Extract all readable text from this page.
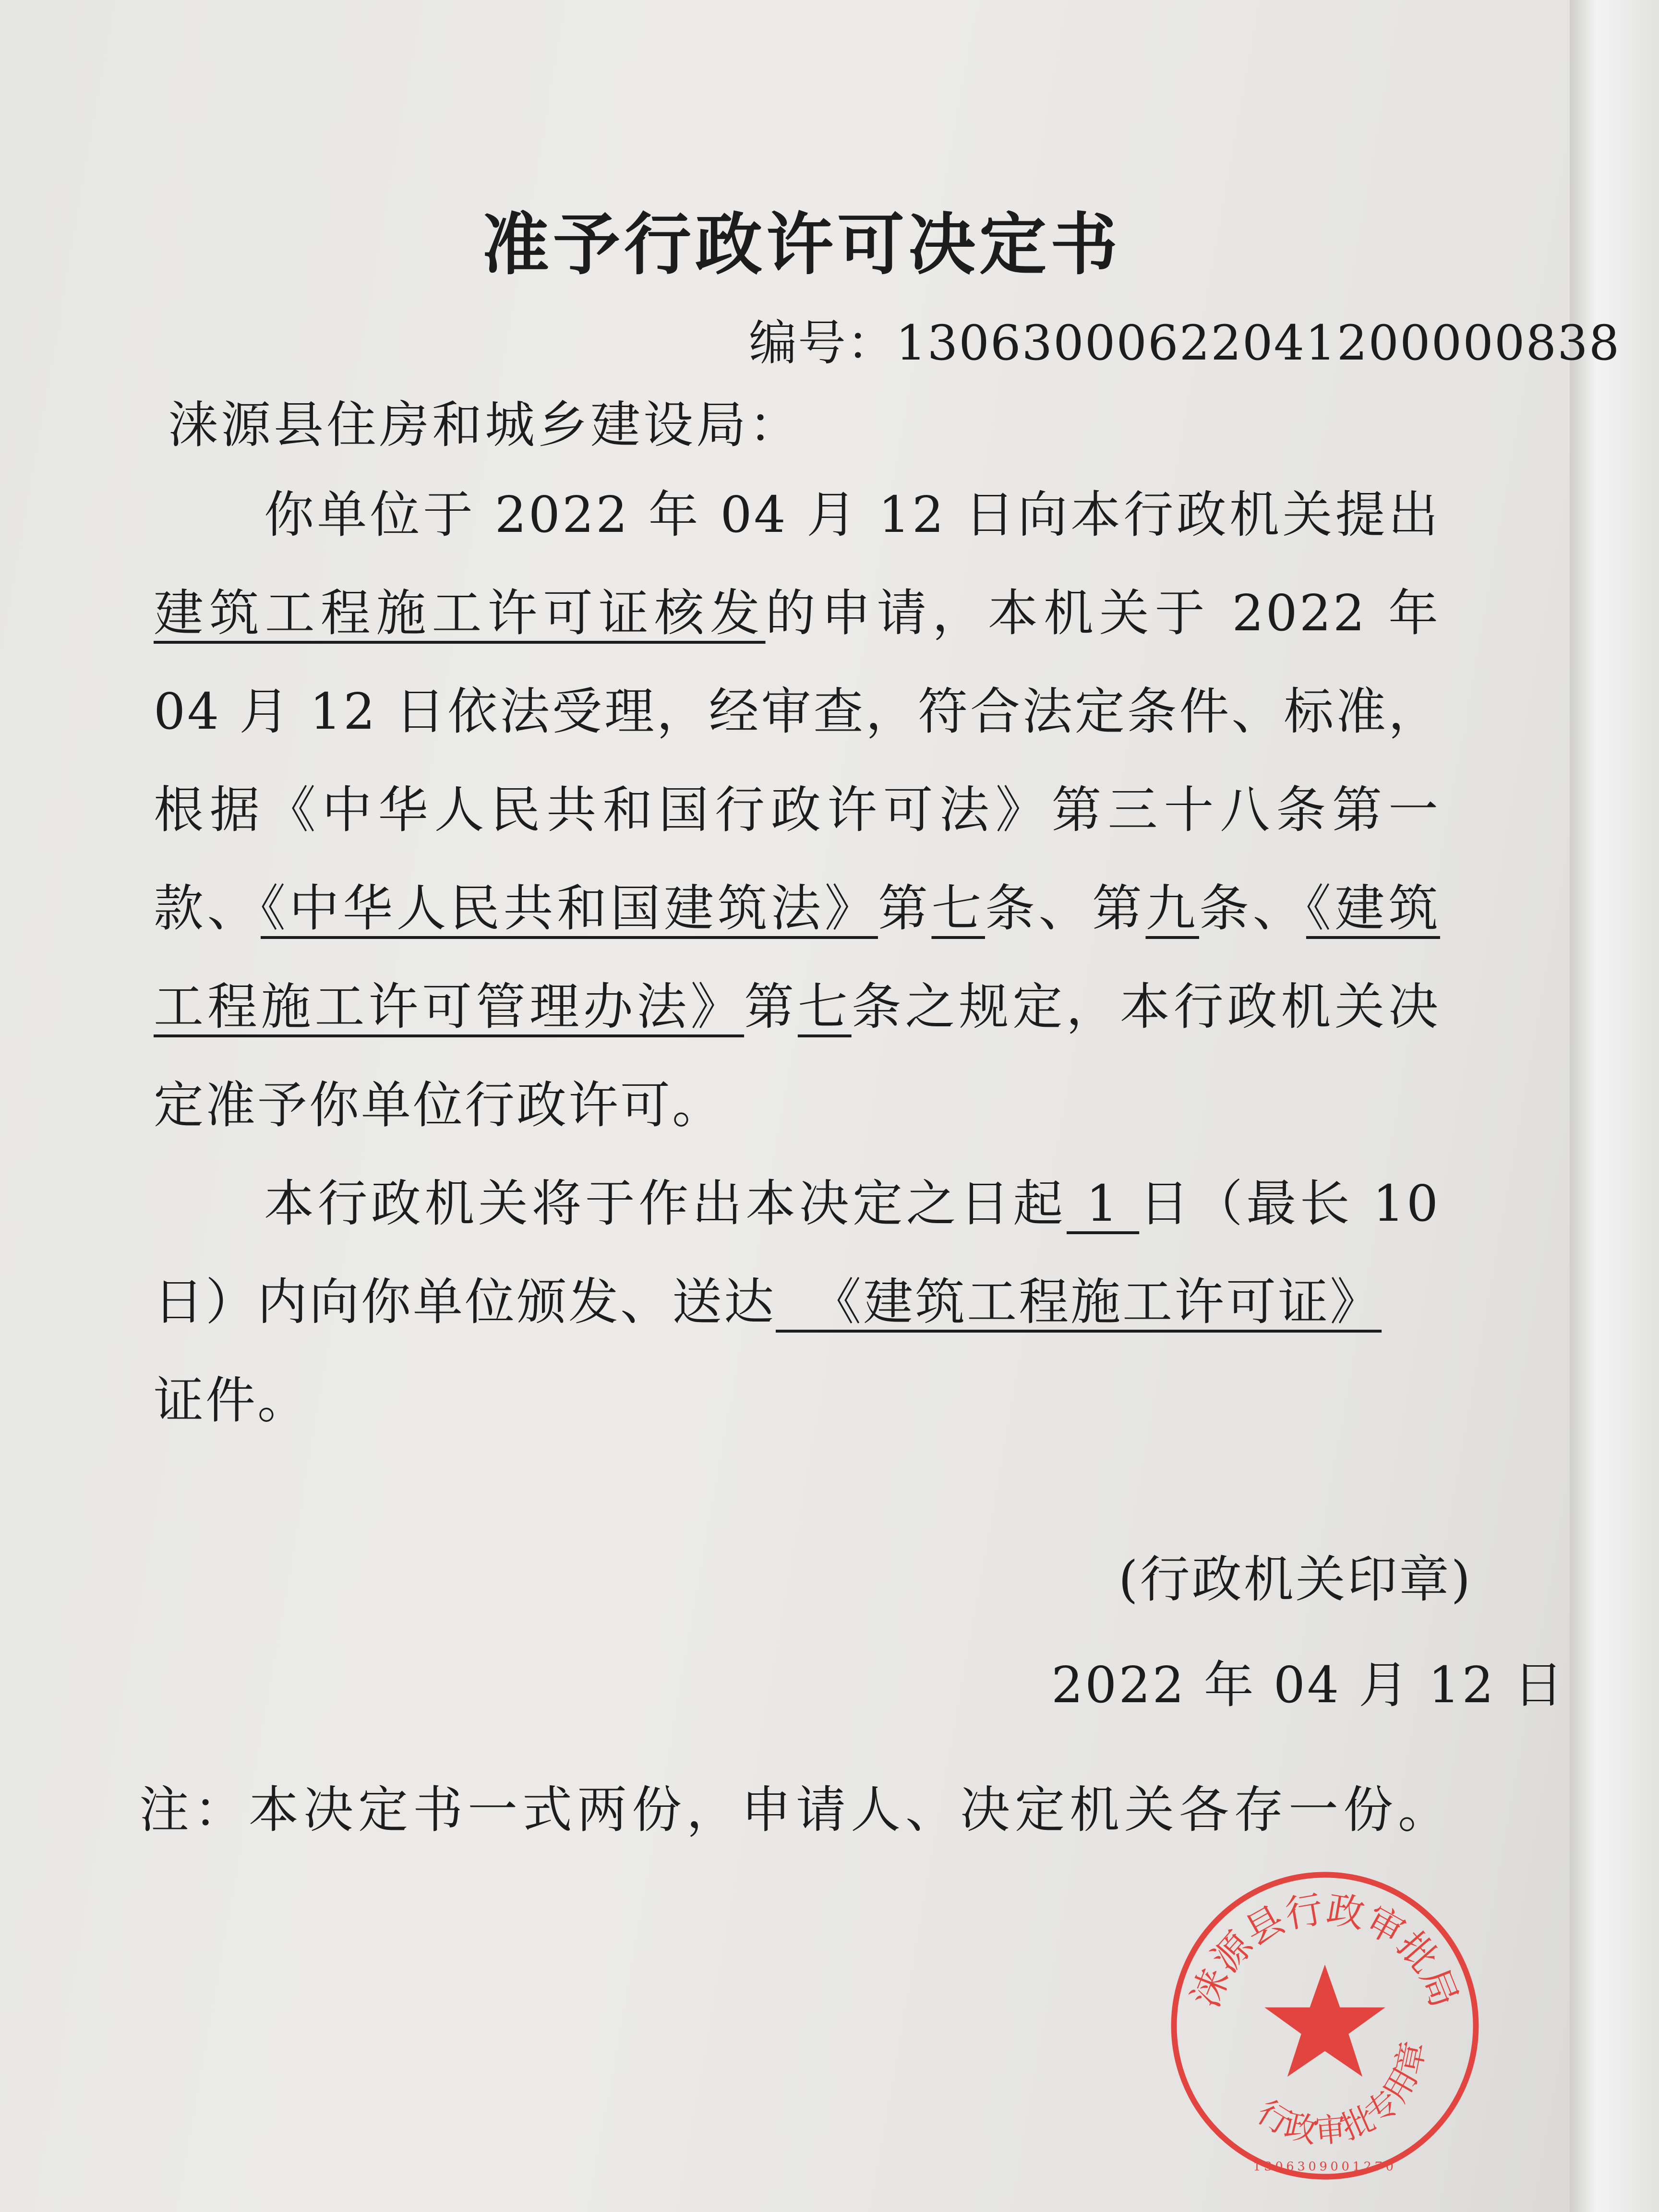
准予行政许可决定书
编号：13063000622041200000838
涞源县住房和城乡建设局：

你单位于 2022 年 04 月 12 日向本行政机关提出建筑工程施工许可证核发的申请，本机关于 2022 年 04 月 12 日依法受理，经审查，符合法定条件、标准，根据《中华人民共和国行政许可法》第三十八条第一款、《中华人民共和国建筑法》第七条、第九条、《建筑工程施工许可管理办法》第七条之规定，本行政机关决定准予你单位行政许可。

本行政机关将于作出本决定之日起 1 日（最长 10 日）内向你单位颁发、送达  《建筑工程施工许可证》
证件。

(行政机关印章)
2022 年 04 月 12 日
注：本决定书一式两份，申请人、决定机关各存一份。
涞源县行政审批局
行政审批专用章
1306309001270
